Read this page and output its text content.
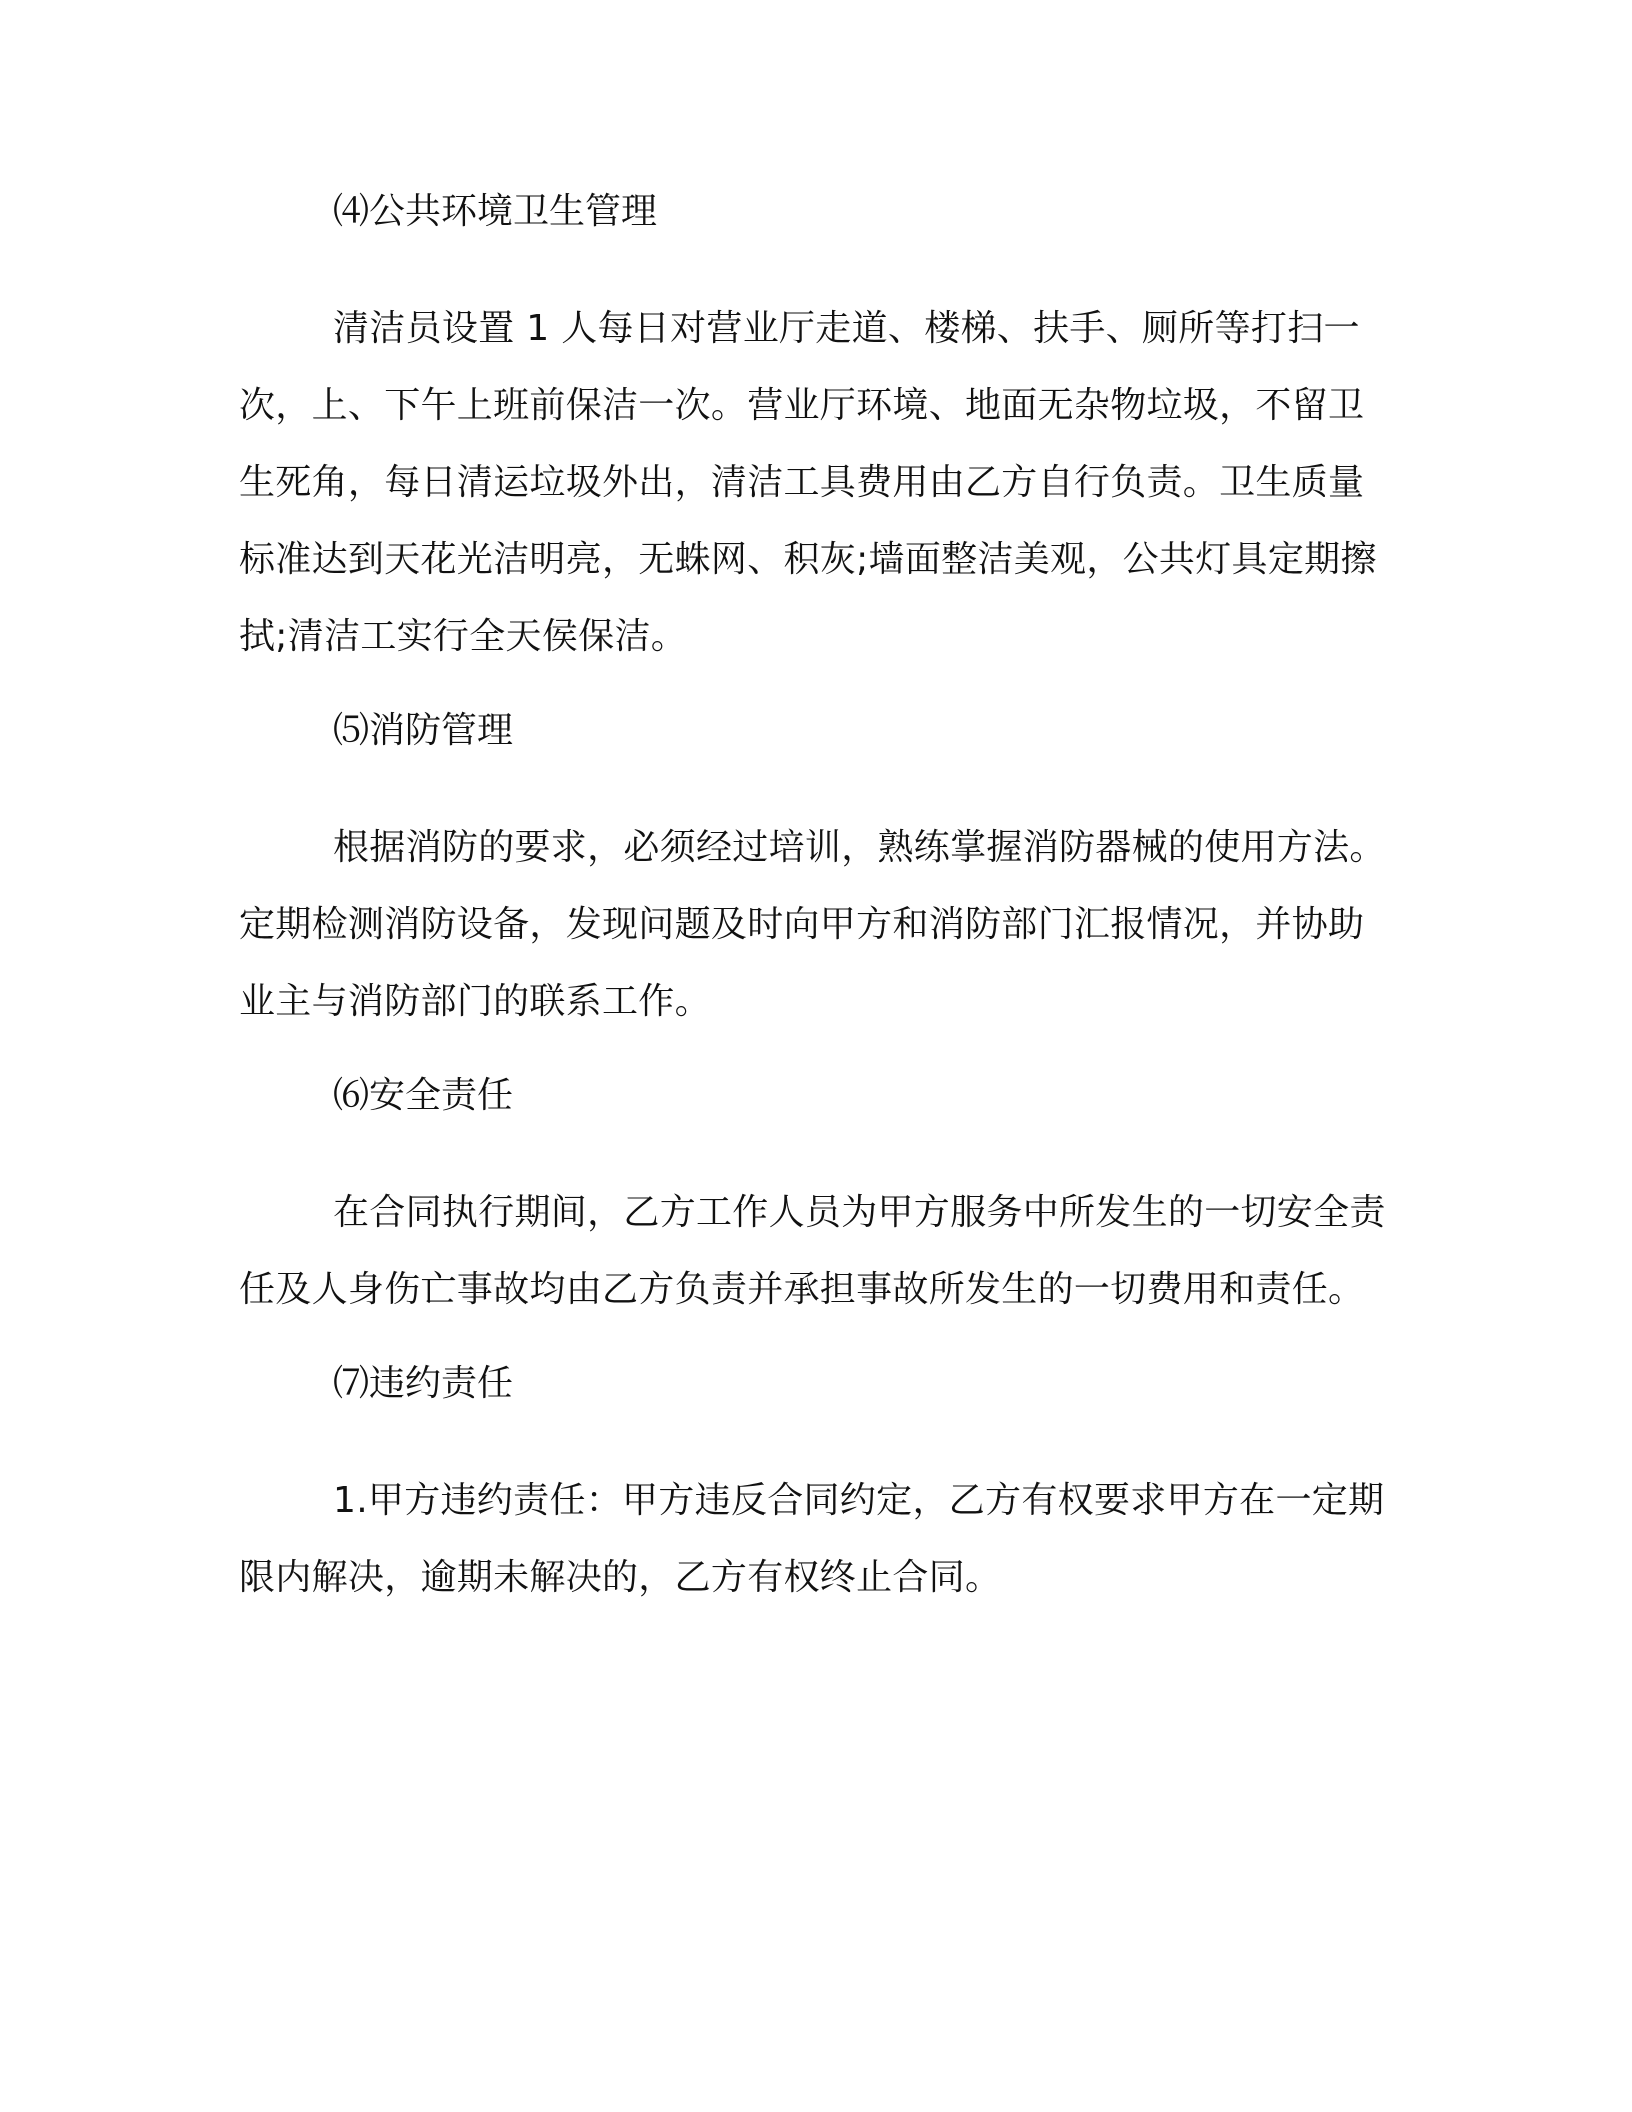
⑷公共环境卫生管理

清洁员设置 1 人每日对营业厅走道、楼梯、扶手、厕所等打扫一次，上、下午上班前保洁一次。营业厅环境、地面无杂物垃圾，不留卫生死角，每日清运垃圾外出，清洁工具费用由乙方自行负责。卫生质量标准达到天花光洁明亮，无蛛网、积灰;墙面整洁美观，公共灯具定期擦拭;清洁工实行全天侯保洁。

⑸消防管理

根据消防的要求，必须经过培训，熟练掌握消防器械的使用方法。定期检测消防设备，发现问题及时向甲方和消防部门汇报情况，并协助业主与消防部门的联系工作。

⑹安全责任

在合同执行期间，乙方工作人员为甲方服务中所发生的一切安全责任及人身伤亡事故均由乙方负责并承担事故所发生的一切费用和责任。

⑺违约责任

1.甲方违约责任：甲方违反合同约定，乙方有权要求甲方在一定期限内解决，逾期未解决的，乙方有权终止合同。
